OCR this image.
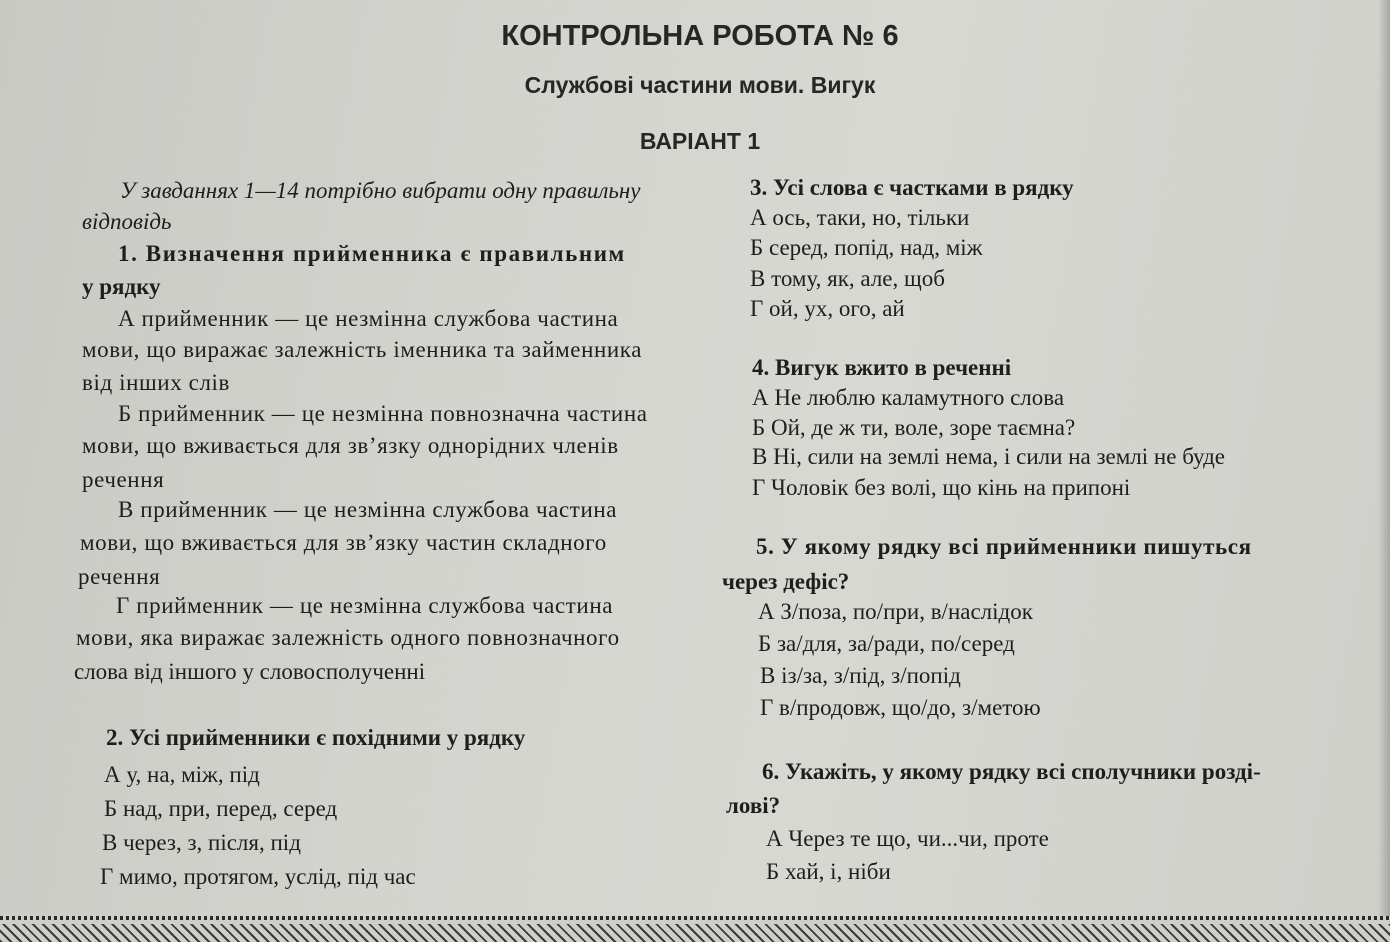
КОНТРОЛЬНА РОБОТА № 6
Службові частини мови. Вигук
ВАРІАНТ 1
У завданнях 1—14 потрібно вибрати одну правильну
відповідь
1. Визначення прийменника є правильним
у рядку
А прийменник — це незмінна службова частина
мови, що виражає залежність іменника та займенника
від інших слів
Б прийменник — це незмінна повнозначна частина
мови, що вживається для зв’язку однорідних членів
речення
В прийменник — це незмінна службова частина
мови, що вживається для зв’язку частин складного
речення
Г прийменник — це незмінна службова частина
мови, яка виражає залежність одного повнозначного
слова від іншого у словосполученні
2. Усі прийменники є похідними у рядку
А у, на, між, під
Б над, при, перед, серед
В через, з, після, під
Г мимо, протягом, услід, під час
3. Усі слова є частками в рядку
А ось, таки, но, тільки
Б серед, попід, над, між
В тому, як, але, щоб
Г ой, ух, ого, ай
4. Вигук вжито в реченні
А Не люблю каламутного слова
Б Ой, де ж ти, воле, зоре таємна?
В Ні, сили на землі нема, і сили на землі не буде
Г Чоловік без волі, що кінь на припоні
5. У якому рядку всі прийменники пишуться
через дефіс?
А З/поза, по/при, в/наслідок
Б за/для, за/ради, по/серед
В із/за, з/під, з/попід
Г в/продовж, що/до, з/метою
6. Укажіть, у якому рядку всі сполучники розді-
лові?
А Через те що, чи...чи, проте
Б хай, і, ніби
